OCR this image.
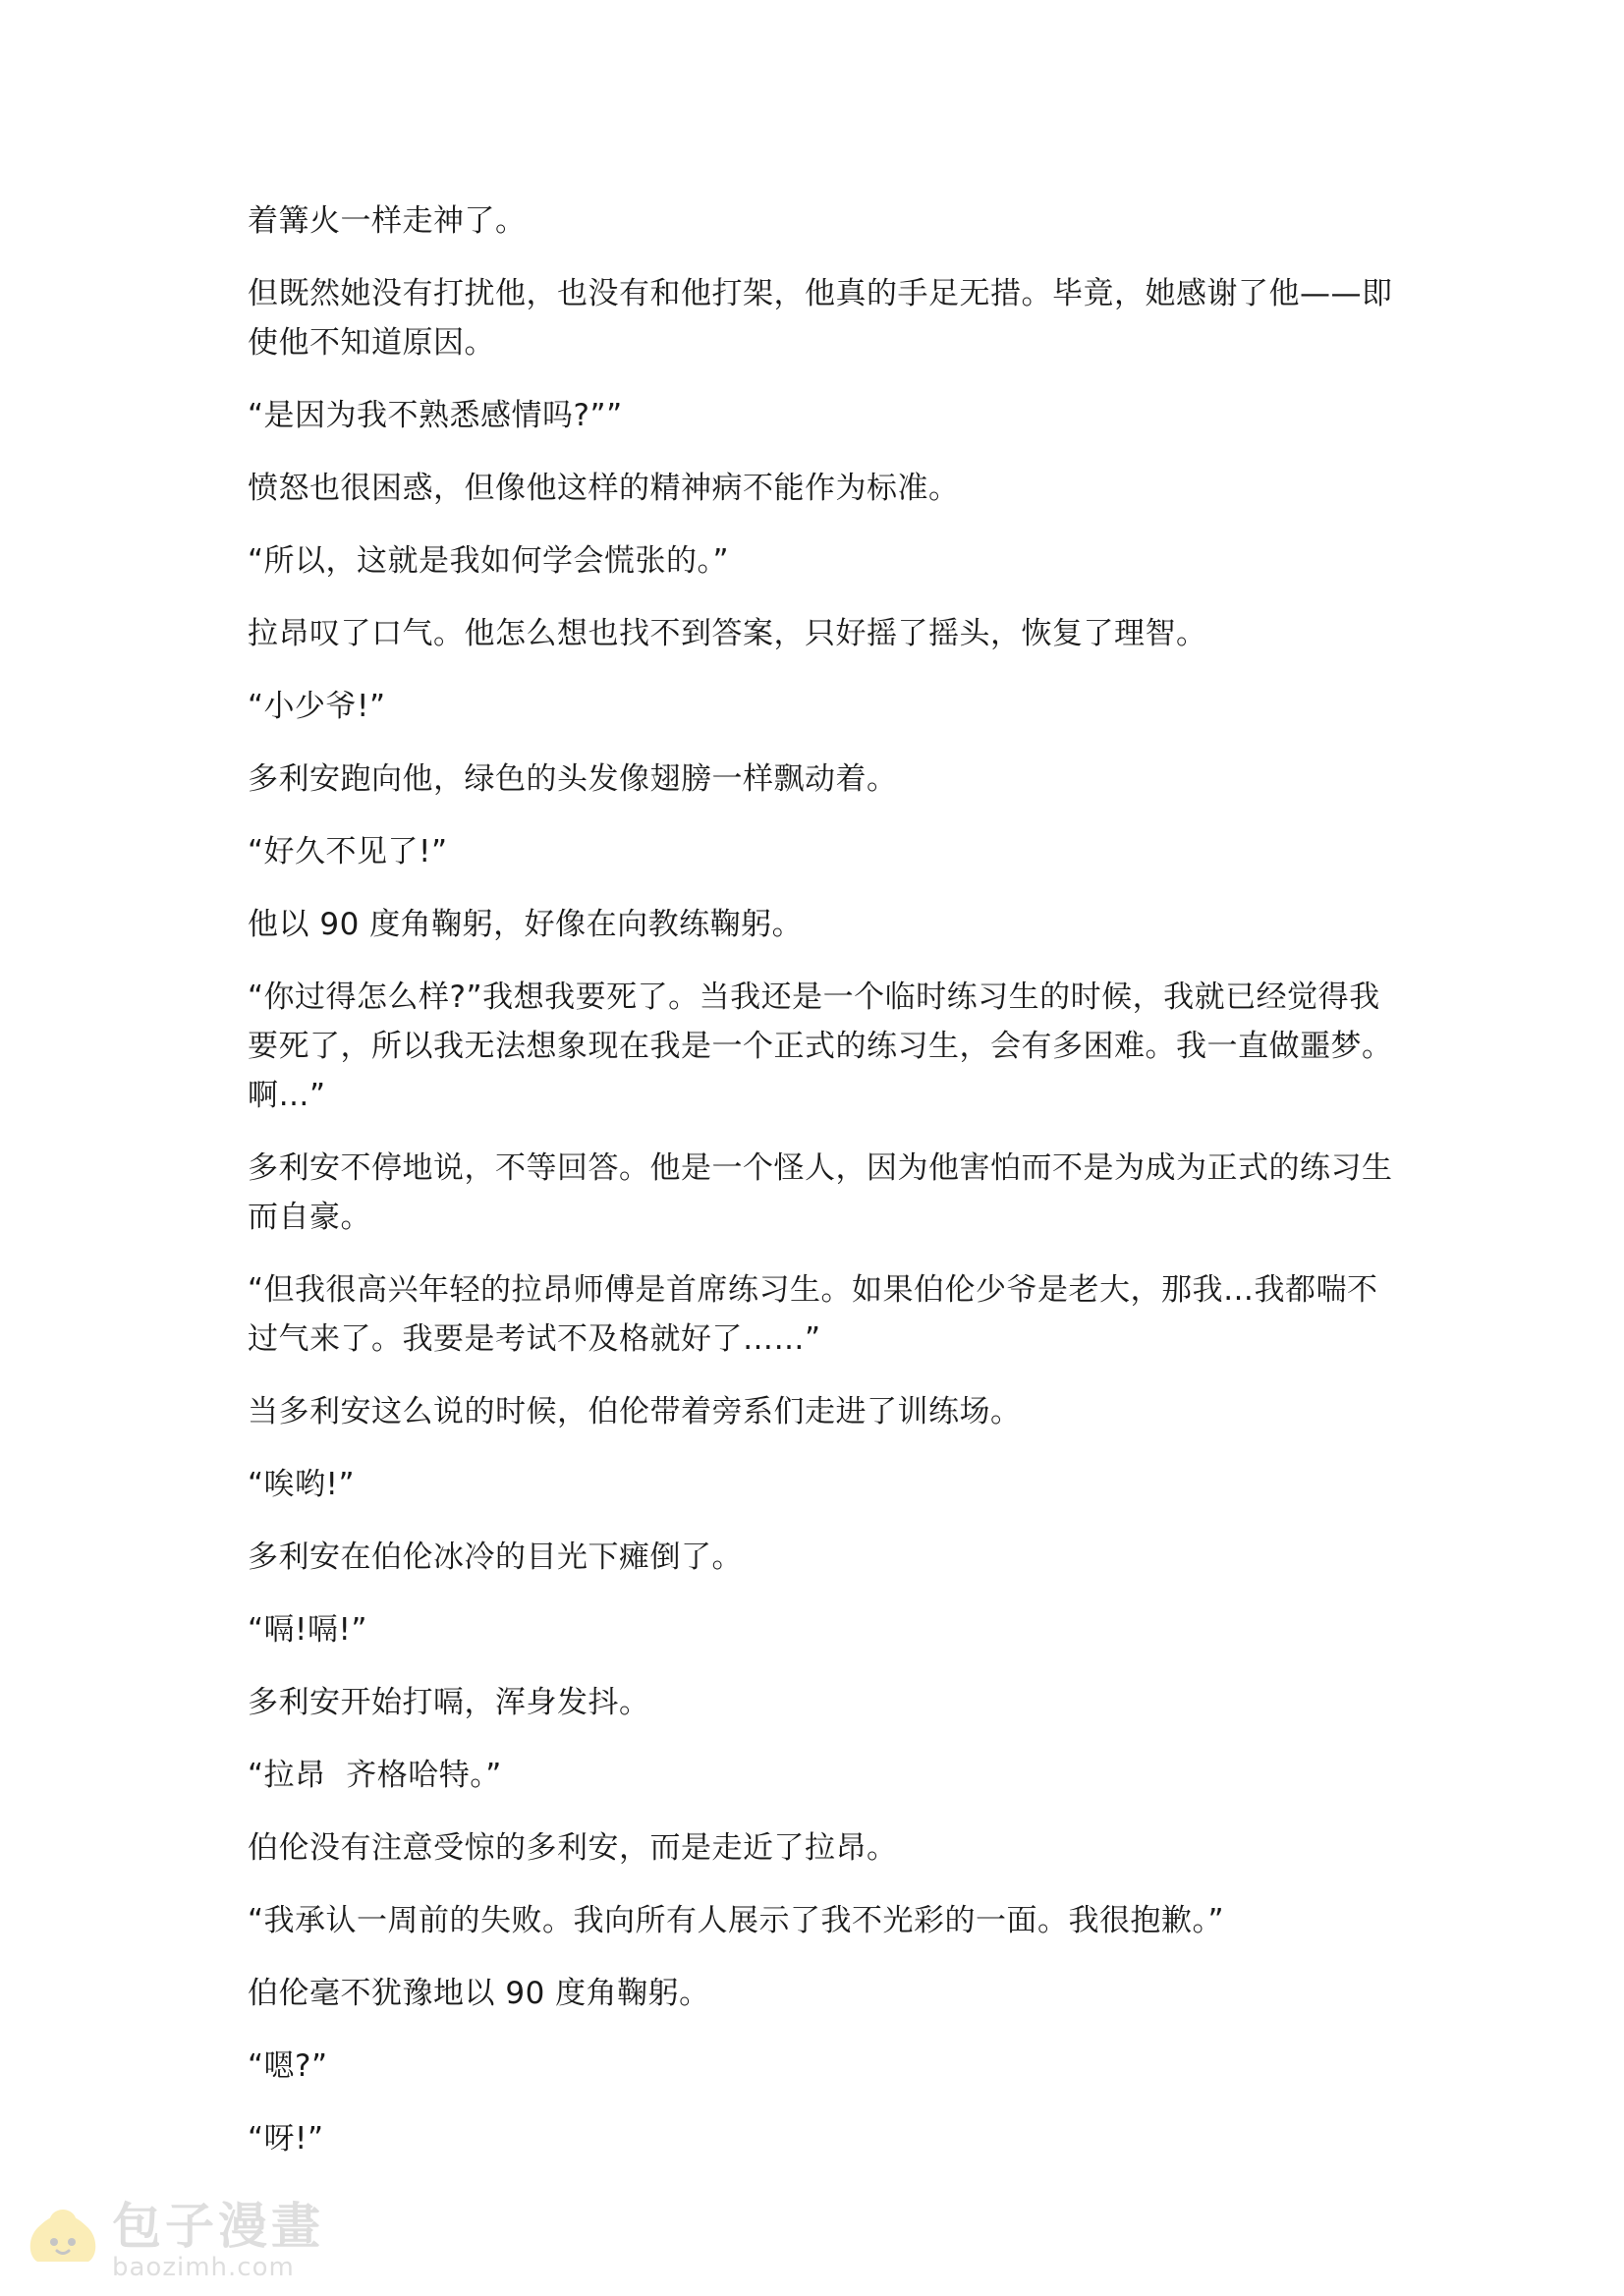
着篝火一样走神了。

但既然她没有打扰他，也没有和他打架，他真的手足无措。毕竟，她感谢了他——即使他不知道原因。

“是因为我不熟悉感情吗?””

愤怒也很困惑，但像他这样的精神病不能作为标准。

“所以，这就是我如何学会慌张的。”

拉昂叹了口气。他怎么想也找不到答案，只好摇了摇头，恢复了理智。

“小少爷!”

多利安跑向他，绿色的头发像翅膀一样飘动着。

“好久不见了!”

他以 90 度角鞠躬，好像在向教练鞠躬。

“你过得怎么样?”我想我要死了。当我还是一个临时练习生的时候，我就已经觉得我要死了，所以我无法想象现在我是一个正式的练习生，会有多困难。我一直做噩梦。啊…”

多利安不停地说，不等回答。他是一个怪人，因为他害怕而不是为成为正式的练习生而自豪。

“但我很高兴年轻的拉昂师傅是首席练习生。如果伯伦少爷是老大，那我…我都喘不过气来了。我要是考试不及格就好了……”

当多利安这么说的时候，伯伦带着旁系们走进了训练场。

“唉哟!”

多利安在伯伦冰冷的目光下瘫倒了。

“嗝!嗝!”

多利安开始打嗝，浑身发抖。

“拉昂  齐格哈特。”

伯伦没有注意受惊的多利安，而是走近了拉昂。

“我承认一周前的失败。我向所有人展示了我不光彩的一面。我很抱歉。”

伯伦毫不犹豫地以 90 度角鞠躬。

“嗯?”

“呀!”

包子漫畫
baozimh.com
